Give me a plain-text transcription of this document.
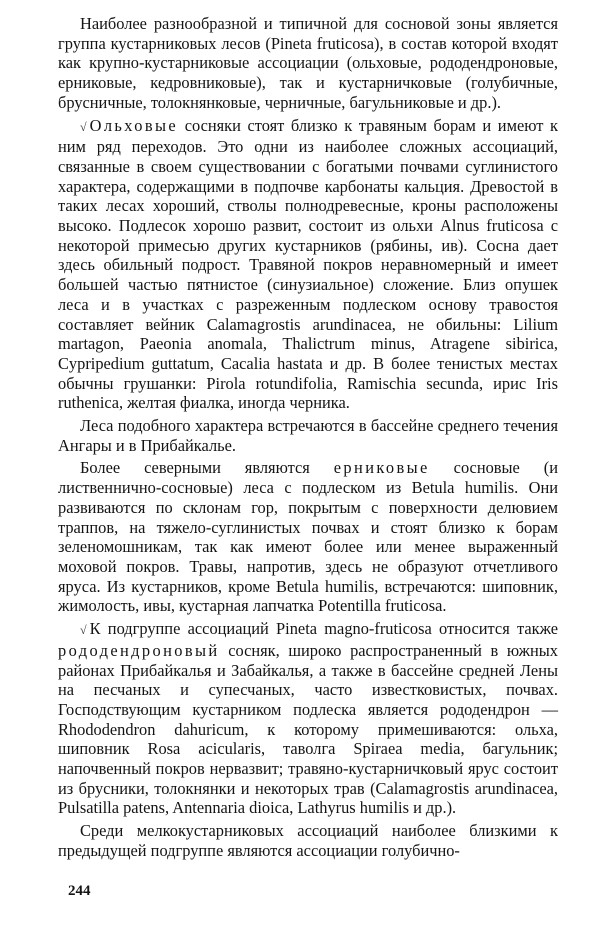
Наиболее разнообразной и типичной для сосновой зоны является группа кустарниковых лесов (Pineta fruticosa), в состав которой входят как крупно-кустарниковые ассоциации (ольховые, рододендроновые, ерниковые, кедровниковые), так и кустарничковые (голубичные, брусничные, толокнянковые, черничные, багульниковые и др.).

√ Ольховые сосняки стоят близко к травяным борам и имеют к ним ряд переходов. Это одни из наиболее сложных ассоциаций, связанные в своем существовании с богатыми почвами суглинистого характера, содержащими в подпочве карбонаты кальция. Древостой в таких лесах хороший, стволы полнодревесные, кроны расположены высоко. Подлесок хорошо развит, состоит из ольхи Alnus fruticosa с некоторой примесью других кустарников (рябины, ив). Сосна дает здесь обильный подрост. Травяной покров неравномерный и имеет большей частью пятнистое (синузиальное) сложение. Близ опушек леса и в участках с разреженным подлеском основу травостоя составляет вейник Calamagrostis arundinacea, не обильны: Lilium martagon, Paeonia anomala, Thalictrum minus, Atragene sibirica, Cypripedium guttatum, Cacalia hastata и др. В более тенистых местах обычны грушанки: Pirola rotundifolia, Ramischia secunda, ирис Iris ruthenica, желтая фиалка, иногда черника.

Леса подобного характера встречаются в бассейне среднего течения Ангары и в Прибайкалье.

Более северными являются ерниковые сосновые (и лиственнично-сосновые) леса с подлеском из Betula humilis. Они развиваются по склонам гор, покрытым с поверхности делювием траппов, на тяжело-суглинистых почвах и стоят близко к борам зеленомошникам, так как имеют более или менее выраженный моховой покров. Травы, напротив, здесь не образуют отчетливого яруса. Из кустарников, кроме Betula humilis, встречаются: шиповник, жимолость, ивы, кустарная лапчатка Potentilla fruticosa.

√ К подгруппе ассоциаций Pineta magno-fruticosa относится также рододендроновый сосняк, широко распространенный в южных районах Прибайкалья и Забайкалья, а также в бассейне средней Лены на песчаных и супесчаных, часто известковистых, почвах. Господствующим кустарником подлеска является рододендрон — Rhododendron dahuricum, к которому примешиваются: ольха, шиповник Rosa acicularis, таволга Spiraea media, багульник; напочвенный покров нервазвит; травяно-кустарничковый ярус состоит из брусники, толокнянки и некоторых трав (Calamagrostis arundinacea, Pulsatilla patens, Antennaria dioica, Lathyrus humilis и др.).

Среди мелкокустарниковых ассоциаций наиболее близкими к предыдущей подгруппе являются ассоциации голубично-

244
